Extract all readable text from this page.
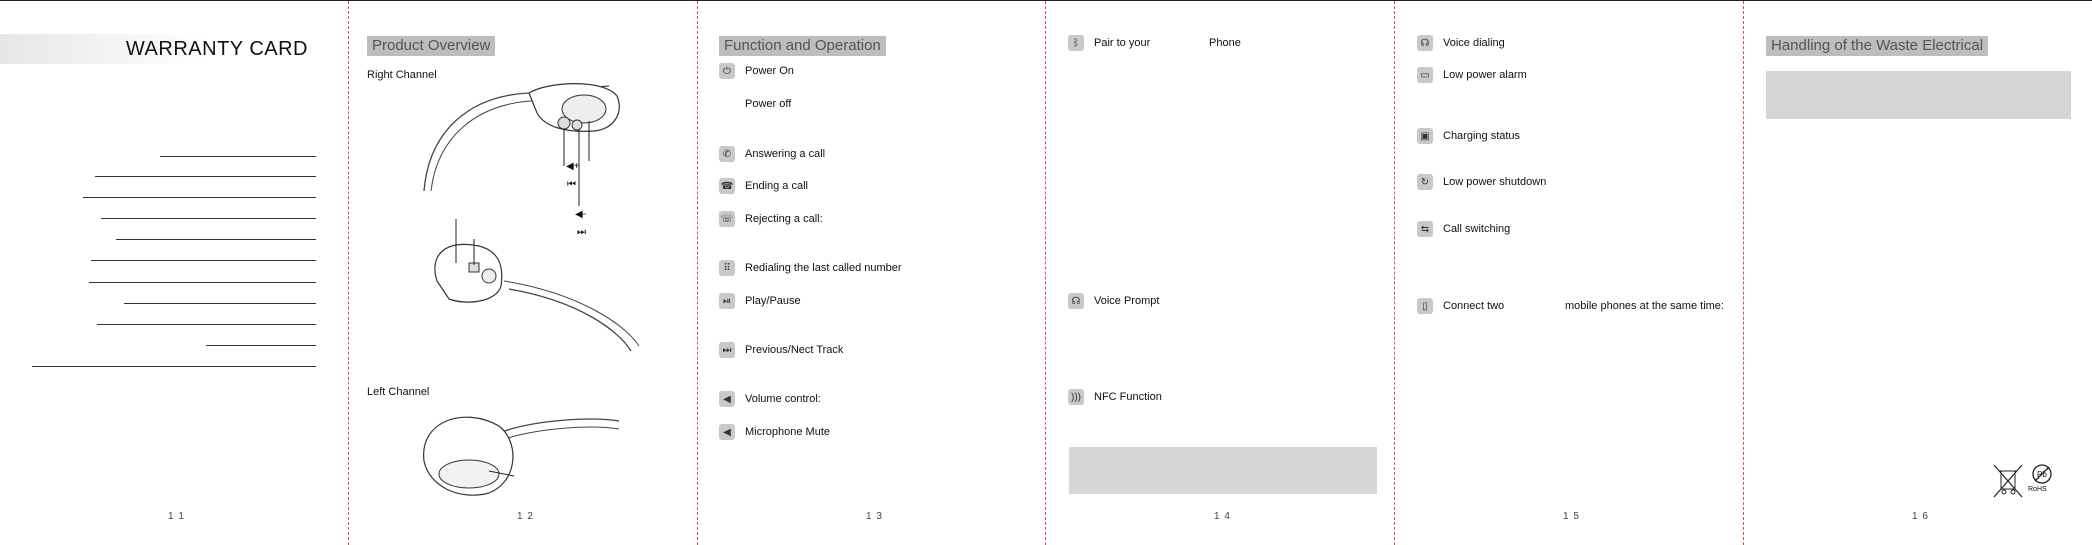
WARRANTY CARD
1 1
Product Overview
Right Channel
Left Channel
◀+
⏮
◀-
⏭
1 2
Function and Operation
⏻	Power On
Power off
✆	Answering a call
☎ Ending a call
☏ Rejecting a call:
⠿	Redialing the last called number
⏯	Play/Pause
⏭	Previous/Nect Track
◀	Volume control:
◀	Microphone Mute
1 3
ᛒ	Pair to your	Phone
☊	Voice Prompt
))) NFC Function
1 4
☊	Voice dialing
▭ Low power alarm
▣ Charging status
↻	Low power shutdown
⇆	Call switching
▯	Connect two	mobile phones at the same time:
1 5
Handling of the Waste Electrical
Pb
RoHS
1 6
